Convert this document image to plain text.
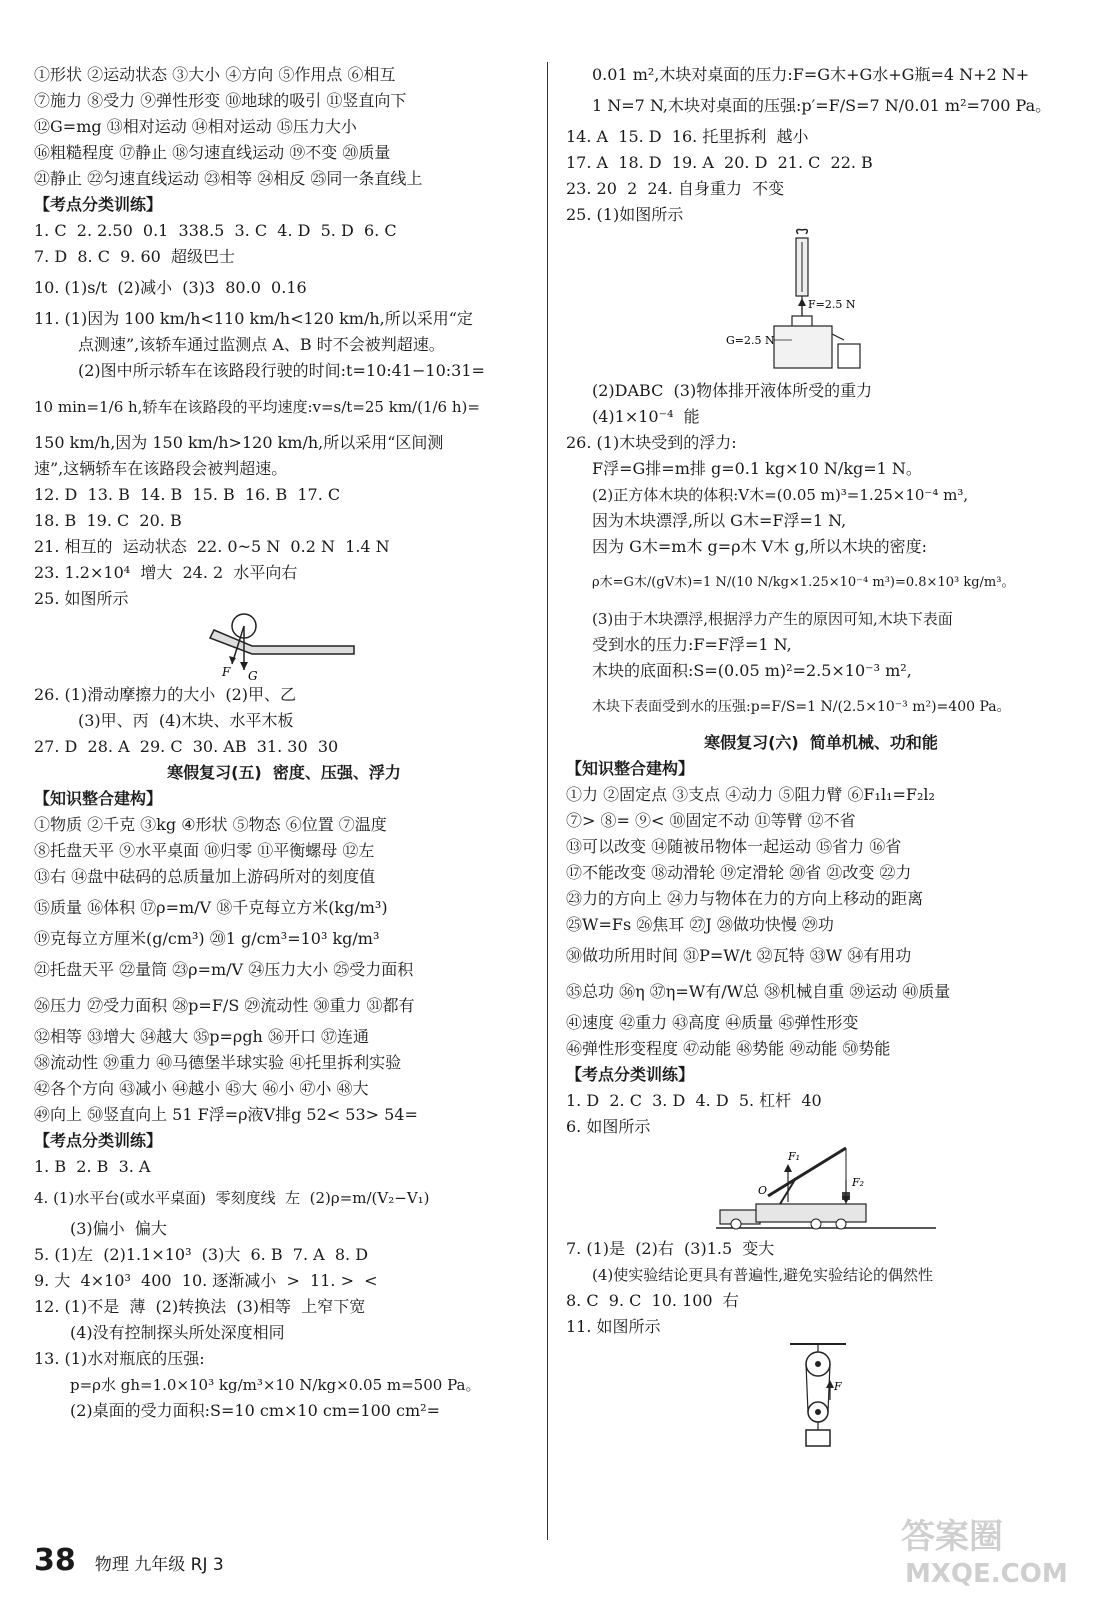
①形状 ②运动状态 ③大小 ④方向 ⑤作用点 ⑥相互
⑦施力 ⑧受力 ⑨弹性形变 ⑩地球的吸引 ⑪竖直向下
⑫G=mg ⑬相对运动 ⑭相对运动 ⑮压力大小
⑯粗糙程度 ⑰静止 ⑱匀速直线运动 ⑲不变 ⑳质量
㉑静止 ㉒匀速直线运动 ㉓相等 ㉔相反 ㉕同一条直线上
【考点分类训练】
1. C  2. 2.50  0.1  338.5  3. C  4. D  5. D  6. C
7. D  8. C  9. 60  超级巴士
10. (1)s/t  (2)减小  (3)3  80.0  0.16
11. (1)因为 100 km/h<110 km/h<120 km/h,所以采用“定
点测速”,该轿车通过监测点 A、B 时不会被判超速。
(2)图中所示轿车在该路段行驶的时间:t=10:41−10:31=
10 min=1/6 h,轿车在该路段的平均速度:v=s/t=25 km/(1/6 h)=
150 km/h,因为 150 km/h>120 km/h,所以采用“区间测
速”,这辆轿车在该路段会被判超速。
12. D  13. B  14. B  15. B  16. B  17. C
18. B  19. C  20. B
21. 相互的  运动状态  22. 0~5 N  0.2 N  1.4 N
23. 1.2×10⁴  增大  24. 2  水平向右
25. 如图所示
F G
26. (1)滑动摩擦力的大小  (2)甲、乙
(3)甲、丙  (4)木块、水平木板
27. D  28. A  29. C  30. AB  31. 30  30
寒假复习(五)  密度、压强、浮力
【知识整合建构】
①物质 ②千克 ③kg ④形状 ⑤物态 ⑥位置 ⑦温度
⑧托盘天平 ⑨水平桌面 ⑩归零 ⑪平衡螺母 ⑫左
⑬右 ⑭盘中砝码的总质量加上游码所对的刻度值
⑮质量 ⑯体积 ⑰ρ=m/V ⑱千克每立方米(kg/m³)
⑲克每立方厘米(g/cm³) ⑳1 g/cm³=10³ kg/m³
㉑托盘天平 ㉒量筒 ㉓ρ=m/V ㉔压力大小 ㉕受力面积
㉖压力 ㉗受力面积 ㉘p=F/S ㉙流动性 ㉚重力 ㉛都有
㉜相等 ㉝增大 ㉞越大 ㉟p=ρgh ㊱开口 ㊲连通
㊳流动性 ㊴重力 ㊵马德堡半球实验 ㊶托里拆利实验
㊷各个方向 ㊸减小 ㊹越小 ㊺大 ㊻小 ㊼小 ㊽大
㊾向上 ㊿竖直向上 51 F浮=ρ液V排g 52< 53> 54=
【考点分类训练】
1. B  2. B  3. A
4. (1)水平台(或水平桌面)  零刻度线  左  (2)ρ=m/(V₂−V₁)
(3)偏小  偏大
5. (1)左  (2)1.1×10³  (3)大  6. B  7. A  8. D
9. 大  4×10³  400  10. 逐渐减小  >  11. >  <
12. (1)不是  薄  (2)转换法  (3)相等  上窄下宽
(4)没有控制探头所处深度相同
13. (1)水对瓶底的压强:
p=ρ水 gh=1.0×10³ kg/m³×10 N/kg×0.05 m=500 Pa。
(2)桌面的受力面积:S=10 cm×10 cm=100 cm²=
0.01 m²,木块对桌面的压力:F=G木+G水+G瓶=4 N+2 N+
1 N=7 N,木块对桌面的压强:p′=F/S=7 N/0.01 m²=700 Pa。
14. A  15. D  16. 托里拆利  越小
17. A  18. D  19. A  20. D  21. C  22. B
23. 20  2  24. 自身重力  不变
25. (1)如图所示
F=2.5 N
G=2.5 N
(2)DABC  (3)物体排开液体所受的重力
(4)1×10⁻⁴  能
26. (1)木块受到的浮力:
F浮=G排=m排 g=0.1 kg×10 N/kg=1 N。
(2)正方体木块的体积:V木=(0.05 m)³=1.25×10⁻⁴ m³,
因为木块漂浮,所以 G木=F浮=1 N,
因为 G木=m木 g=ρ木 V木 g,所以木块的密度:
ρ木=G木/(gV木)=1 N/(10 N/kg×1.25×10⁻⁴ m³)=0.8×10³ kg/m³。
(3)由于木块漂浮,根据浮力产生的原因可知,木块下表面
受到水的压力:F=F浮=1 N,
木块的底面积:S=(0.05 m)²=2.5×10⁻³ m²,
木块下表面受到水的压强:p=F/S=1 N/(2.5×10⁻³ m²)=400 Pa。
寒假复习(六)  简单机械、功和能
【知识整合建构】
①力 ②固定点 ③支点 ④动力 ⑤阻力臂 ⑥F₁l₁=F₂l₂
⑦> ⑧= ⑨< ⑩固定不动 ⑪等臂 ⑫不省
⑬可以改变 ⑭随被吊物体一起运动 ⑮省力 ⑯省
⑰不能改变 ⑱动滑轮 ⑲定滑轮 ⑳省 ㉑改变 ㉒力
㉓力的方向上 ㉔力与物体在力的方向上移动的距离
㉕W=Fs ㉖焦耳 ㉗J ㉘做功快慢 ㉙功
㉚做功所用时间 ㉛P=W/t ㉜瓦特 ㉝W ㉞有用功
㉟总功 ㊱η ㊲η=W有/W总 ㊳机械自重 ㊴运动 ㊵质量
㊶速度 ㊷重力 ㊸高度 ㊹质量 ㊺弹性形变
㊻弹性形变程度 ㊼动能 ㊽势能 ㊾动能 ㊿势能
【考点分类训练】
1. D  2. C  3. D  4. D  5. 杠杆  40
6. 如图所示
F₁
F₂
O
7. (1)是  (2)右  (3)1.5  变大
(4)使实验结论更具有普遍性,避免实验结论的偶然性
8. C  9. C  10. 100  右
11. 如图所示
F
38 物理 九年级 RJ 3
答案圈
MXQE.COM
